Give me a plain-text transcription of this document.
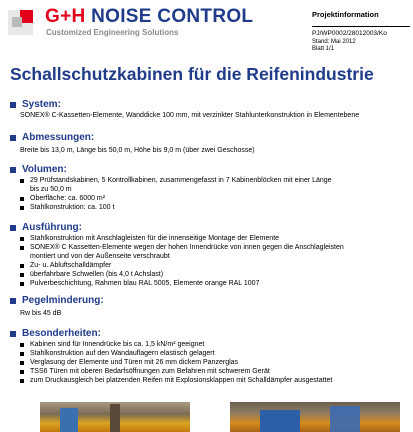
G+H NOISE CONTROL
Customized Engineering Solutions
Projektinformation
PJ/WP0002/28012003/Ko
Stand: Mai 2012
Blatt 1/1
Schallschutzkabinen für die Reifenindustrie
System:
SONEX® C-Kassetten-Elemente, Wanddicke 100 mm, mit verzinkter Stahlunterkonstruktion in Elementebene
Abmessungen:
Breite bis 13,0 m, Länge bis 50,0 m, Höhe bis 9,0 m (über zwei Geschosse)
Volumen:
29 Prüfstandskabinen, 5 Kontrollkabinen, zusammengefasst in 7 Kabinenblöcken mit einer Länge
bis zu 50,0 m
Oberfläche: ca. 6000 m²
Stahlkonstruktion: ca. 100 t
Ausführung:
Stahlkonstruktion mit Anschlagleisten für die innenseitige Montage der Elemente
SONEX® C Kassetten-Elemente wegen der hohen Innendrücke von innen gegen die Anschlagleisten
montiert und von der Außenseite verschraubt
Zu- u. Abluftschalldämpfer
überfahrbare Schwellen (bis 4,0 t Achslast)
Pulverbeschichtung, Rahmen blau RAL 5005, Elemente orange RAL 1007
Pegelminderung:
Rw bis 45 dB
Besonderheiten:
Kabinen sind für Innendrücke bis ca. 1,5 kN/m² geeignet
Stahlkonstruktion auf den Wandauflagern elastisch gelagert
Verglasung der Elemente und Türen mit 26 mm dickem Panzerglas
TSS6 Türen mit oberen Bedarfsöffnungen zum Befahren mit schwerem Gerät
zum Druckausgleich bei platzenden Reifen mit Explosionsklappen mit Schalldämpfer ausgestattet
